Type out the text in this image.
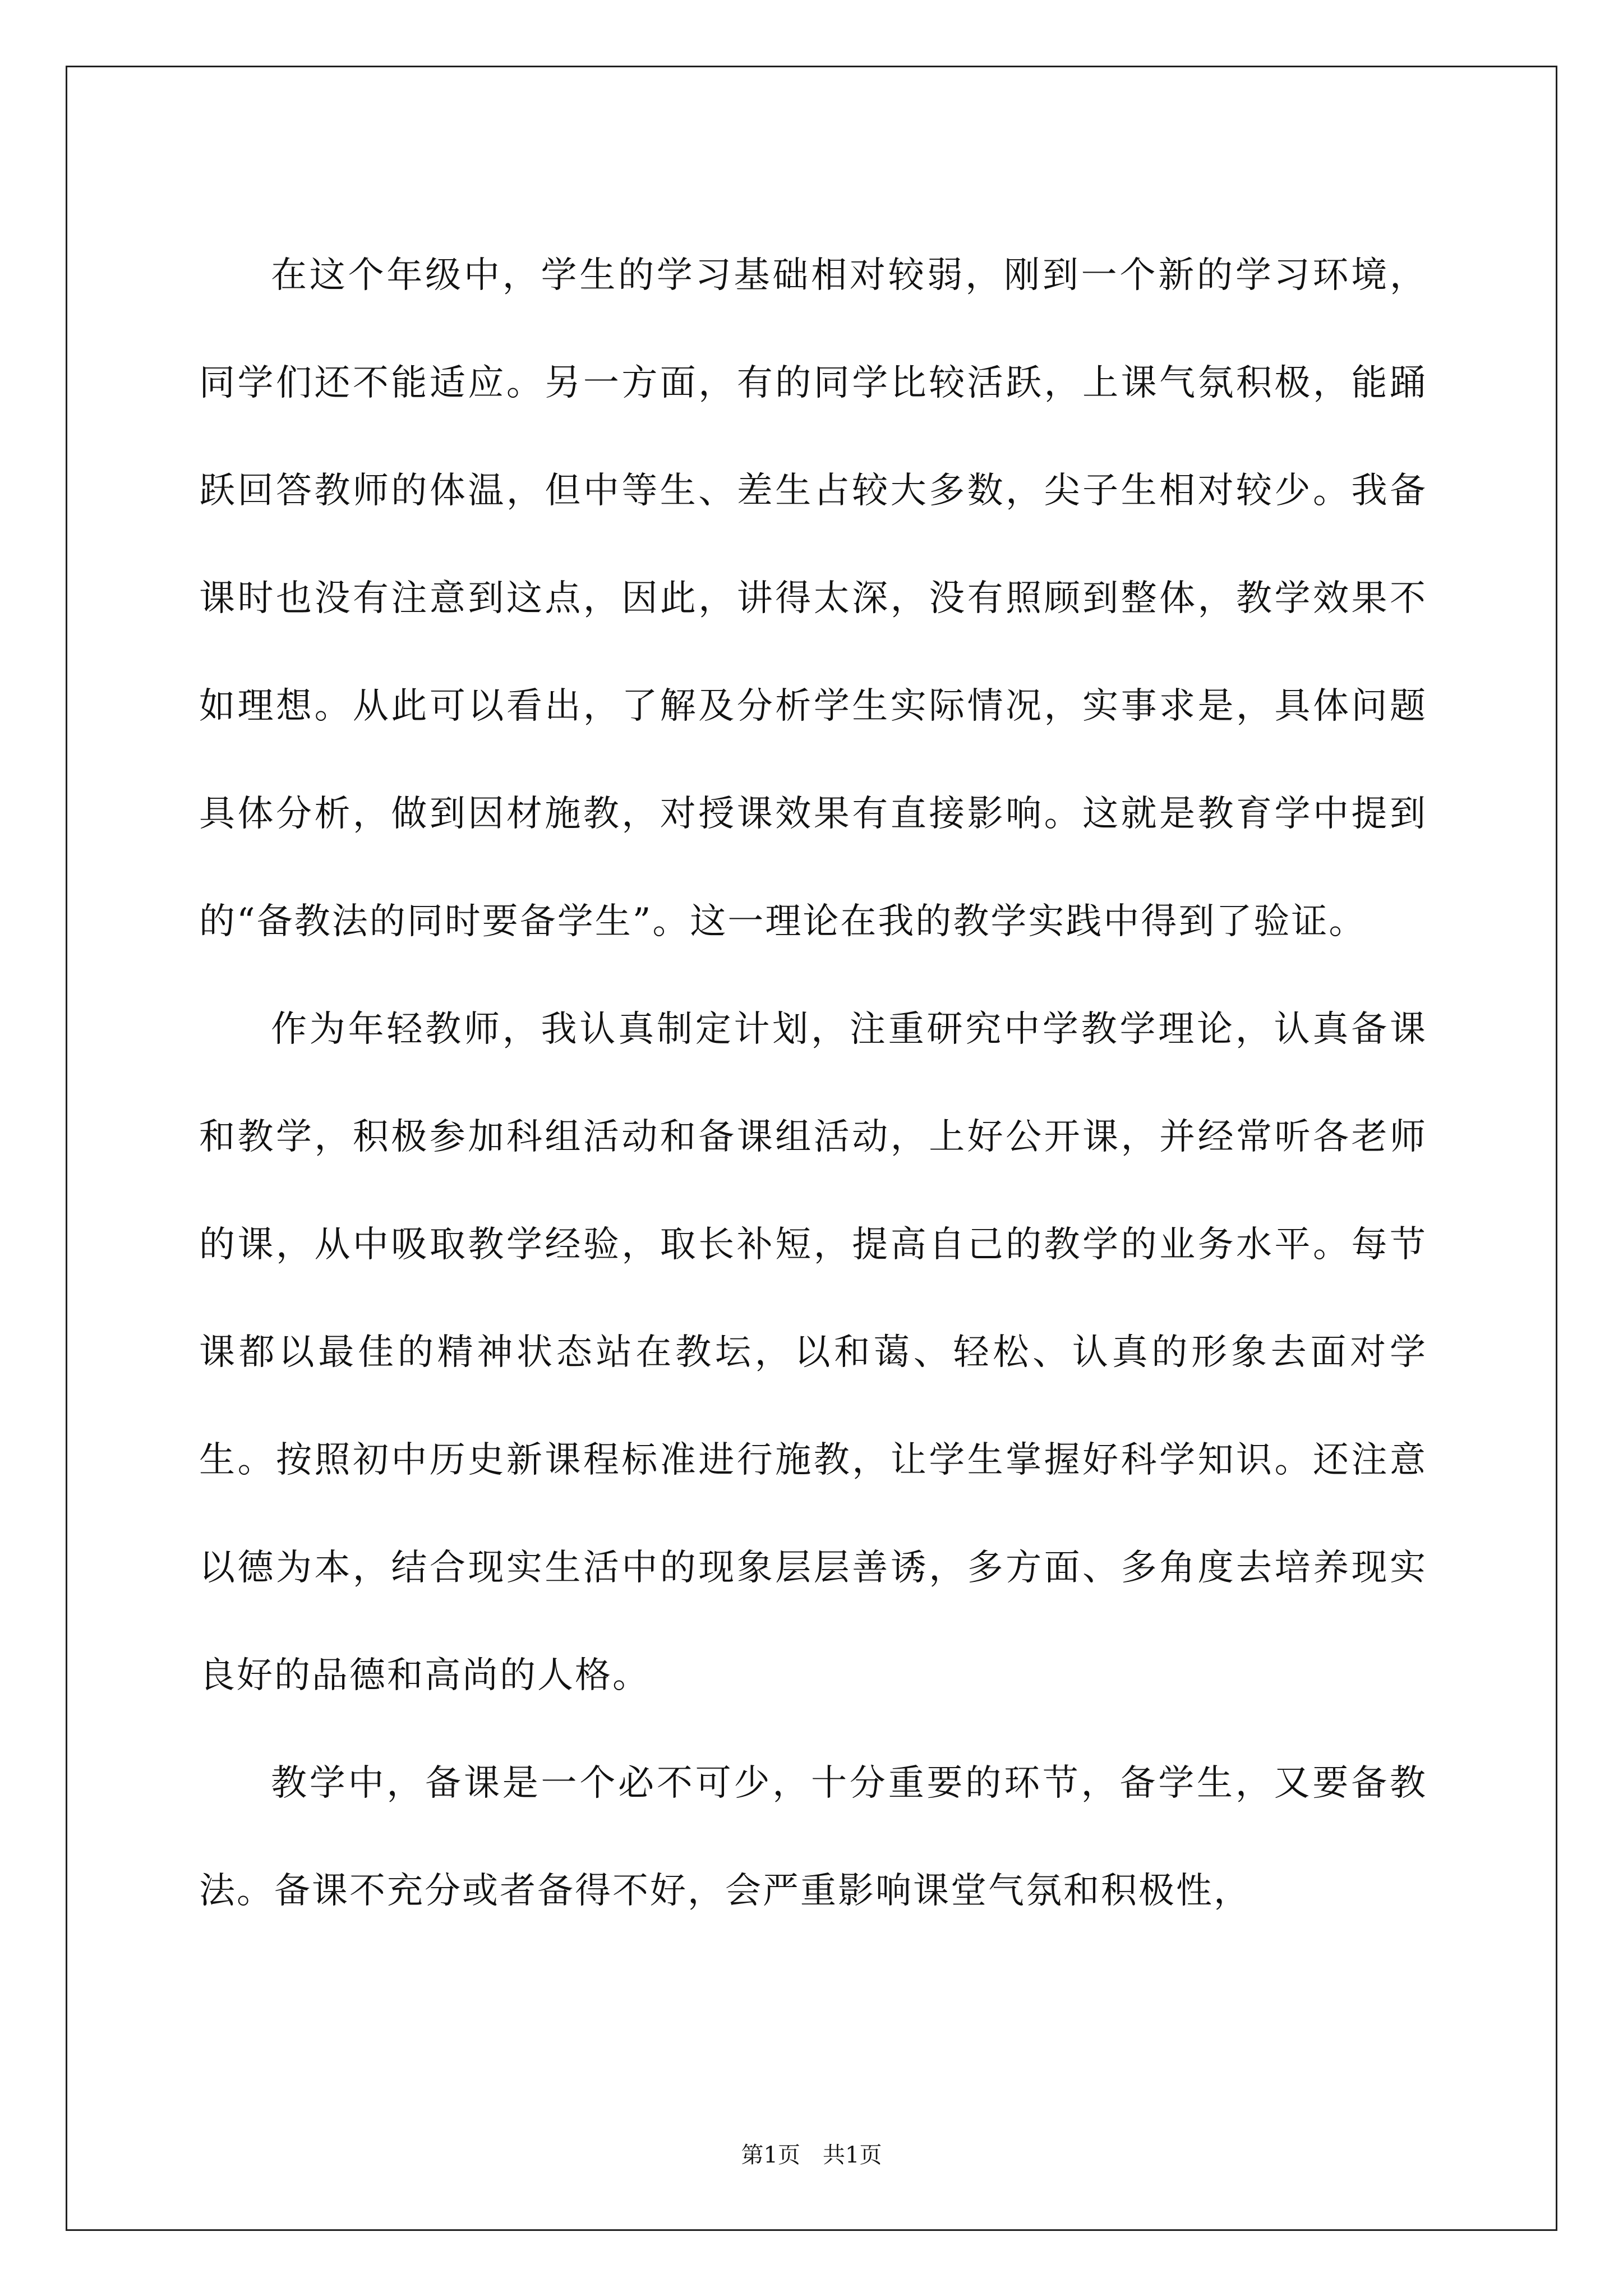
在这个年级中，学生的学习基础相对较弱，刚到一个新的学习环境，同学们还不能适应。另一方面，有的同学比较活跃，上课气氛积极，能踊跃回答教师的体温，但中等生、差生占较大多数，尖子生相对较少。我备课时也没有注意到这点，因此，讲得太深，没有照顾到整体，教学效果不如理想。从此可以看出，了解及分析学生实际情况，实事求是，具体问题具体分析，做到因材施教，对授课效果有直接影响。这就是教育学中提到的“备教法的同时要备学生”。这一理论在我的教学实践中得到了验证。

作为年轻教师，我认真制定计划，注重研究中学教学理论，认真备课和教学，积极参加科组活动和备课组活动，上好公开课，并经常听各老师的课，从中吸取教学经验，取长补短，提高自己的教学的业务水平。每节课都以最佳的精神状态站在教坛，以和蔼、轻松、认真的形象去面对学生。按照初中历史新课程标准进行施教，让学生掌握好科学知识。还注意以德为本，结合现实生活中的现象层层善诱，多方面、多角度去培养现实良好的品德和高尚的人格。

教学中，备课是一个必不可少，十分重要的环节，备学生，又要备教法。备课不充分或者备得不好，会严重影响课堂气氛和积极性，

第1页　共1页
